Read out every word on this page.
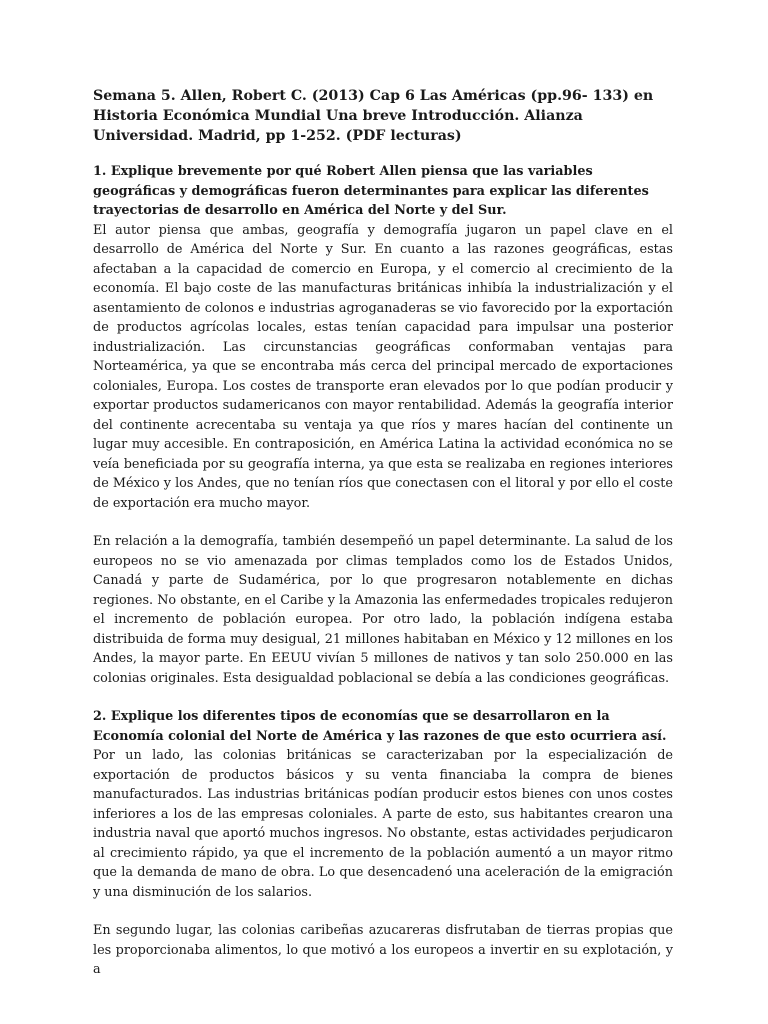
Semana 5. Allen, Robert C. (2013) Cap 6 Las Américas (pp.96- 133) en Historia Económica Mundial Una breve Introducción. Alianza Universidad. Madrid, pp 1-252. (PDF lecturas)

1. Explique brevemente por qué Robert Allen piensa que las variables geográficas y demográficas fueron determinantes para explicar las diferentes trayectorias de desarrollo en América del Norte y del Sur.

El autor piensa que ambas, geografía y demografía jugaron un papel clave en el desarrollo de América del Norte y Sur. En cuanto a las razones geográficas, estas afectaban a la capacidad de comercio en Europa, y el comercio al crecimiento de la economía. El bajo coste de las manufacturas británicas inhibía la industrialización y el asentamiento de colonos e industrias agroganaderas se vio favorecido por la exportación de productos agrícolas locales, estas tenían capacidad para impulsar una posterior industrialización. Las circunstancias geográficas conformaban ventajas para Norteamérica, ya que se encontraba más cerca del principal mercado de exportaciones coloniales, Europa. Los costes de transporte eran elevados por lo que podían producir y exportar productos sudamericanos con mayor rentabilidad. Además la geografía interior del continente acrecentaba su ventaja ya que ríos y mares hacían del continente un lugar muy accesible. En contraposición, en América Latina la actividad económica no se veía beneficiada por su geografía interna, ya que esta se realizaba en regiones interiores de México y los Andes, que no tenían ríos que conectasen con el litoral y por ello el coste de exportación era mucho mayor.

En relación a la demografía, también desempeñó un papel determinante. La salud de los europeos no se vio amenazada por climas templados como los de Estados Unidos, Canadá y parte de Sudamérica, por lo que progresaron notablemente en dichas regiones. No obstante, en el Caribe y la Amazonia las enfermedades tropicales redujeron el incremento de población europea. Por otro lado, la población indígena estaba distribuida de forma muy desigual, 21 millones habitaban en México y 12 millones en los Andes, la mayor parte. En EEUU vivían 5 millones de nativos y tan solo 250.000 en las colonias originales. Esta desigualdad poblacional se debía a las condiciones geográficas.

2. Explique los diferentes tipos de economías que se desarrollaron en la Economía colonial del Norte de América y las razones de que esto ocurriera así.

Por un lado, las colonias británicas se caracterizaban por la especialización de exportación de productos básicos y su venta financiaba la compra de bienes manufacturados. Las industrias británicas podían producir estos bienes con unos costes inferiores a los de las empresas coloniales. A parte de esto, sus habitantes crearon una industria naval que aportó muchos ingresos. No obstante, estas actividades perjudicaron al crecimiento rápido, ya que el incremento de la población aumentó a un mayor ritmo que la demanda de mano de obra. Lo que desencadenó una aceleración de la emigración y una disminución de los salarios.

En segundo lugar, las colonias caribeñas azucareras disfrutaban de tierras propias que les proporcionaba alimentos, lo que motivó a los europeos a invertir en su explotación, y a
